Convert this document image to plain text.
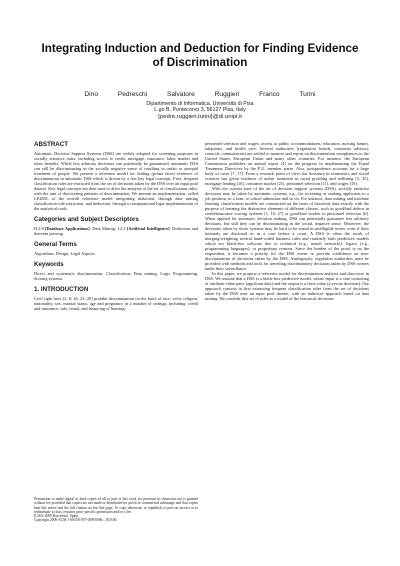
Integrating Induction and Deduction for Finding Evidence of Discrimination
Dino Pedreschi	Salvatore Ruggieri	Franco Turini
Dipartimento di Informatica, Università di Pisa
L.go B. Pontecorvo 3, 56127 Pisa, Italy
{pedre,ruggieri,turini}@di.unipi.it
ABSTRACT

Automatic Decision Support Systems (DSS) are widely adopted for screening purposes in socially sensitive tasks, including access to credit, mortgage, insurance, labor market and other benefits. While less arbitrary decisions can potentially be guaranteed, automatic DSS can still be discriminating in the socially negative sense of resulting in unfair or unequal treatment of people. We present a reference model for finding (prima facie) evidence of discrimination in automatic DSS which is driven by a few key legal concepts. First, frequent classification rules are extracted from the set of decisions taken by the DSS over an input pool dataset. Key legal concepts are then used to drive the analysis of the set of classification rules, with the aim of discovering patterns of discrimination. We present an implementation, called LP2DD, of the overall reference model integrating induction, through data mining classification rule extraction, and deduction, through a computational logic implementation of the analytical tools.

Categories and Subject Descriptors

H.2.8 [Database Applications]: Data Mining; I.2.3 [Artificial Intelligence]: Deduction and theorem proving

General Terms

Algorithms, Design, Legal Aspects

Keywords

Direct and systematic discrimination, Classification, Data mining, Logic Programming, Scoring systems

1. INTRODUCTION

Civil right laws [2, 8, 26, 23, 20] prohibit discrimination on the basis of race, color, religion, nationality, sex, marital status, age and pregnancy in a number of settings, including: credit and insurance; sale, rental, and financing of housing;

Permission to make digital or hard copies of all or part of this work for personal or classroom use is granted without fee provided that copies are not made or distributed for profit or commercial advantage and that copies bear this notice and the full citation on the first page. To copy otherwise, to republish, to post on servers or to redistribute to lists, requires prior specific permission and/or a fee.
ICAIL 2009 Barcelona, Spain
Copyright 2009 ACM 1-60558-597-0/09/0006 ...$10.00.

personnel selection and wages; access to public accommodations, education, nursing homes, adoptions, and health care. Several authorities (regulation boards, consumer advisory councils, commissions) are settled to monitor and report on discrimination compliances in the United States, European Union and many other countries. For instance, the European Commission publishes an annual report [4] on the progress in implementing the Equal Treatment Directives by the E.U. member states. Also, jurisprudence accounts for a large body of cases [7, 17]. From a research point of view, the literature in economics and social sciences has given evidence of unfair treatment in racial profiling and redlining [5, 25], mortgage lending [16], consumer market [21], personnel selection [11], and wages [19].

With the current state of the art of decision support systems (DSS), socially sensitive decisions may be taken by automatic systems, e.g., for screening or ranking applicants to a job position, to a loan, to school admission and so on. For instance, data mining and machine learning classification models are constructed on the basis of historical data exactly with the purpose of learning the distinctive elements of different classes, such as good/bad debtor in credit/insurance scoring systems [1, 10, 27] or good/bad worker in personnel selection [6]. When applied for automatic decision making, DSS can potentially guarantee less arbitrary decisions, but still they can be discriminating in the social, negative sense. Moreover, the decisions taken by those systems may be hard to be stated in intelligible terms, even if their internals are disclosed as in a case before a court. A DSS is often the result of merging/weighting several hand-coded business rules and routinely built predictive models which are black-box software due to technical (e.g., neural networks), legacy (e.g., programming languages), or proprietary reasons. Since the burden of the proof is on the respondent, it becomes a priority for the DSS owner to provide confidence on non-discrimination of decisions taken by the DSS. Analogously, regulation authorities must be provided with methods and tools for unveiling discriminatory decisions taken by DSS owners under their surveillance.

In this paper, we propose a reference model for discrimination analysis and discovery in DSS. We assume that a DSS is a black-box predictive model, whose input is a case consisting of attribute-value pairs (applicant data) and the output is a class value (a yes/no decision). Our approach consists in first extracting frequent classification rules from the set of decisions taken by the DSS over an input pool dataset, with an inductive approach based on data mining. We consider this set of rules as a model of the historical decisions
